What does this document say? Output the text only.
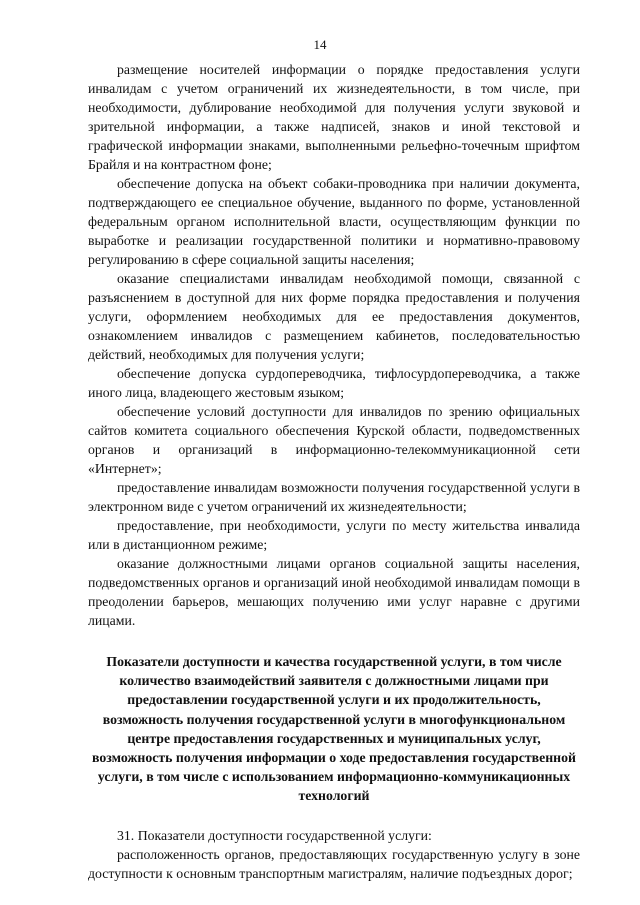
14

размещение носителей информации о порядке предоставления услуги инвалидам с учетом ограничений их жизнедеятельности, в том числе, при необходимости, дублирование необходимой для получения услуги звуковой и зрительной информации, а также надписей, знаков и иной текстовой и графической информации знаками, выполненными рельефно-точечным шрифтом Брайля и на контрастном фоне;

обеспечение допуска на объект собаки-проводника при наличии документа, подтверждающего ее специальное обучение, выданного по форме, установленной федеральным органом исполнительной власти, осуществляющим функции по выработке и реализации государственной политики и нормативно-правовому регулированию в сфере социальной защиты населения;

оказание специалистами инвалидам необходимой помощи, связанной с разъяснением в доступной для них форме порядка предоставления и получения услуги, оформлением необходимых для ее предоставления документов, ознакомлением инвалидов с размещением кабинетов, последовательностью действий, необходимых для получения услуги;

обеспечение допуска сурдопереводчика, тифлосурдопереводчика, а также иного лица, владеющего жестовым языком;

обеспечение условий доступности для инвалидов по зрению официальных сайтов комитета социального обеспечения Курской области, подведомственных органов и организаций в информационно-телекоммуникационной сети «Интернет»;

предоставление инвалидам возможности получения государственной услуги в электронном виде с учетом ограничений их жизнедеятельности;

предоставление, при необходимости, услуги по месту жительства инвалида или в дистанционном режиме;

оказание должностными лицами органов социальной защиты населения, подведомственных органов и организаций иной необходимой инвалидам помощи в преодолении барьеров, мешающих получению ими услуг наравне с другими лицами.

Показатели доступности и качества государственной услуги, в том числе количество взаимодействий заявителя с должностными лицами при предоставлении государственной услуги и их продолжительность, возможность получения государственной услуги в многофункциональном центре предоставления государственных и муниципальных услуг, возможность получения информации о ходе предоставления государственной услуги, в том числе с использованием информационно-коммуникационных технологий

31. Показатели доступности государственной услуги:

расположенность органов, предоставляющих государственную услугу в зоне доступности к основным транспортным магистралям, наличие подъездных дорог;
